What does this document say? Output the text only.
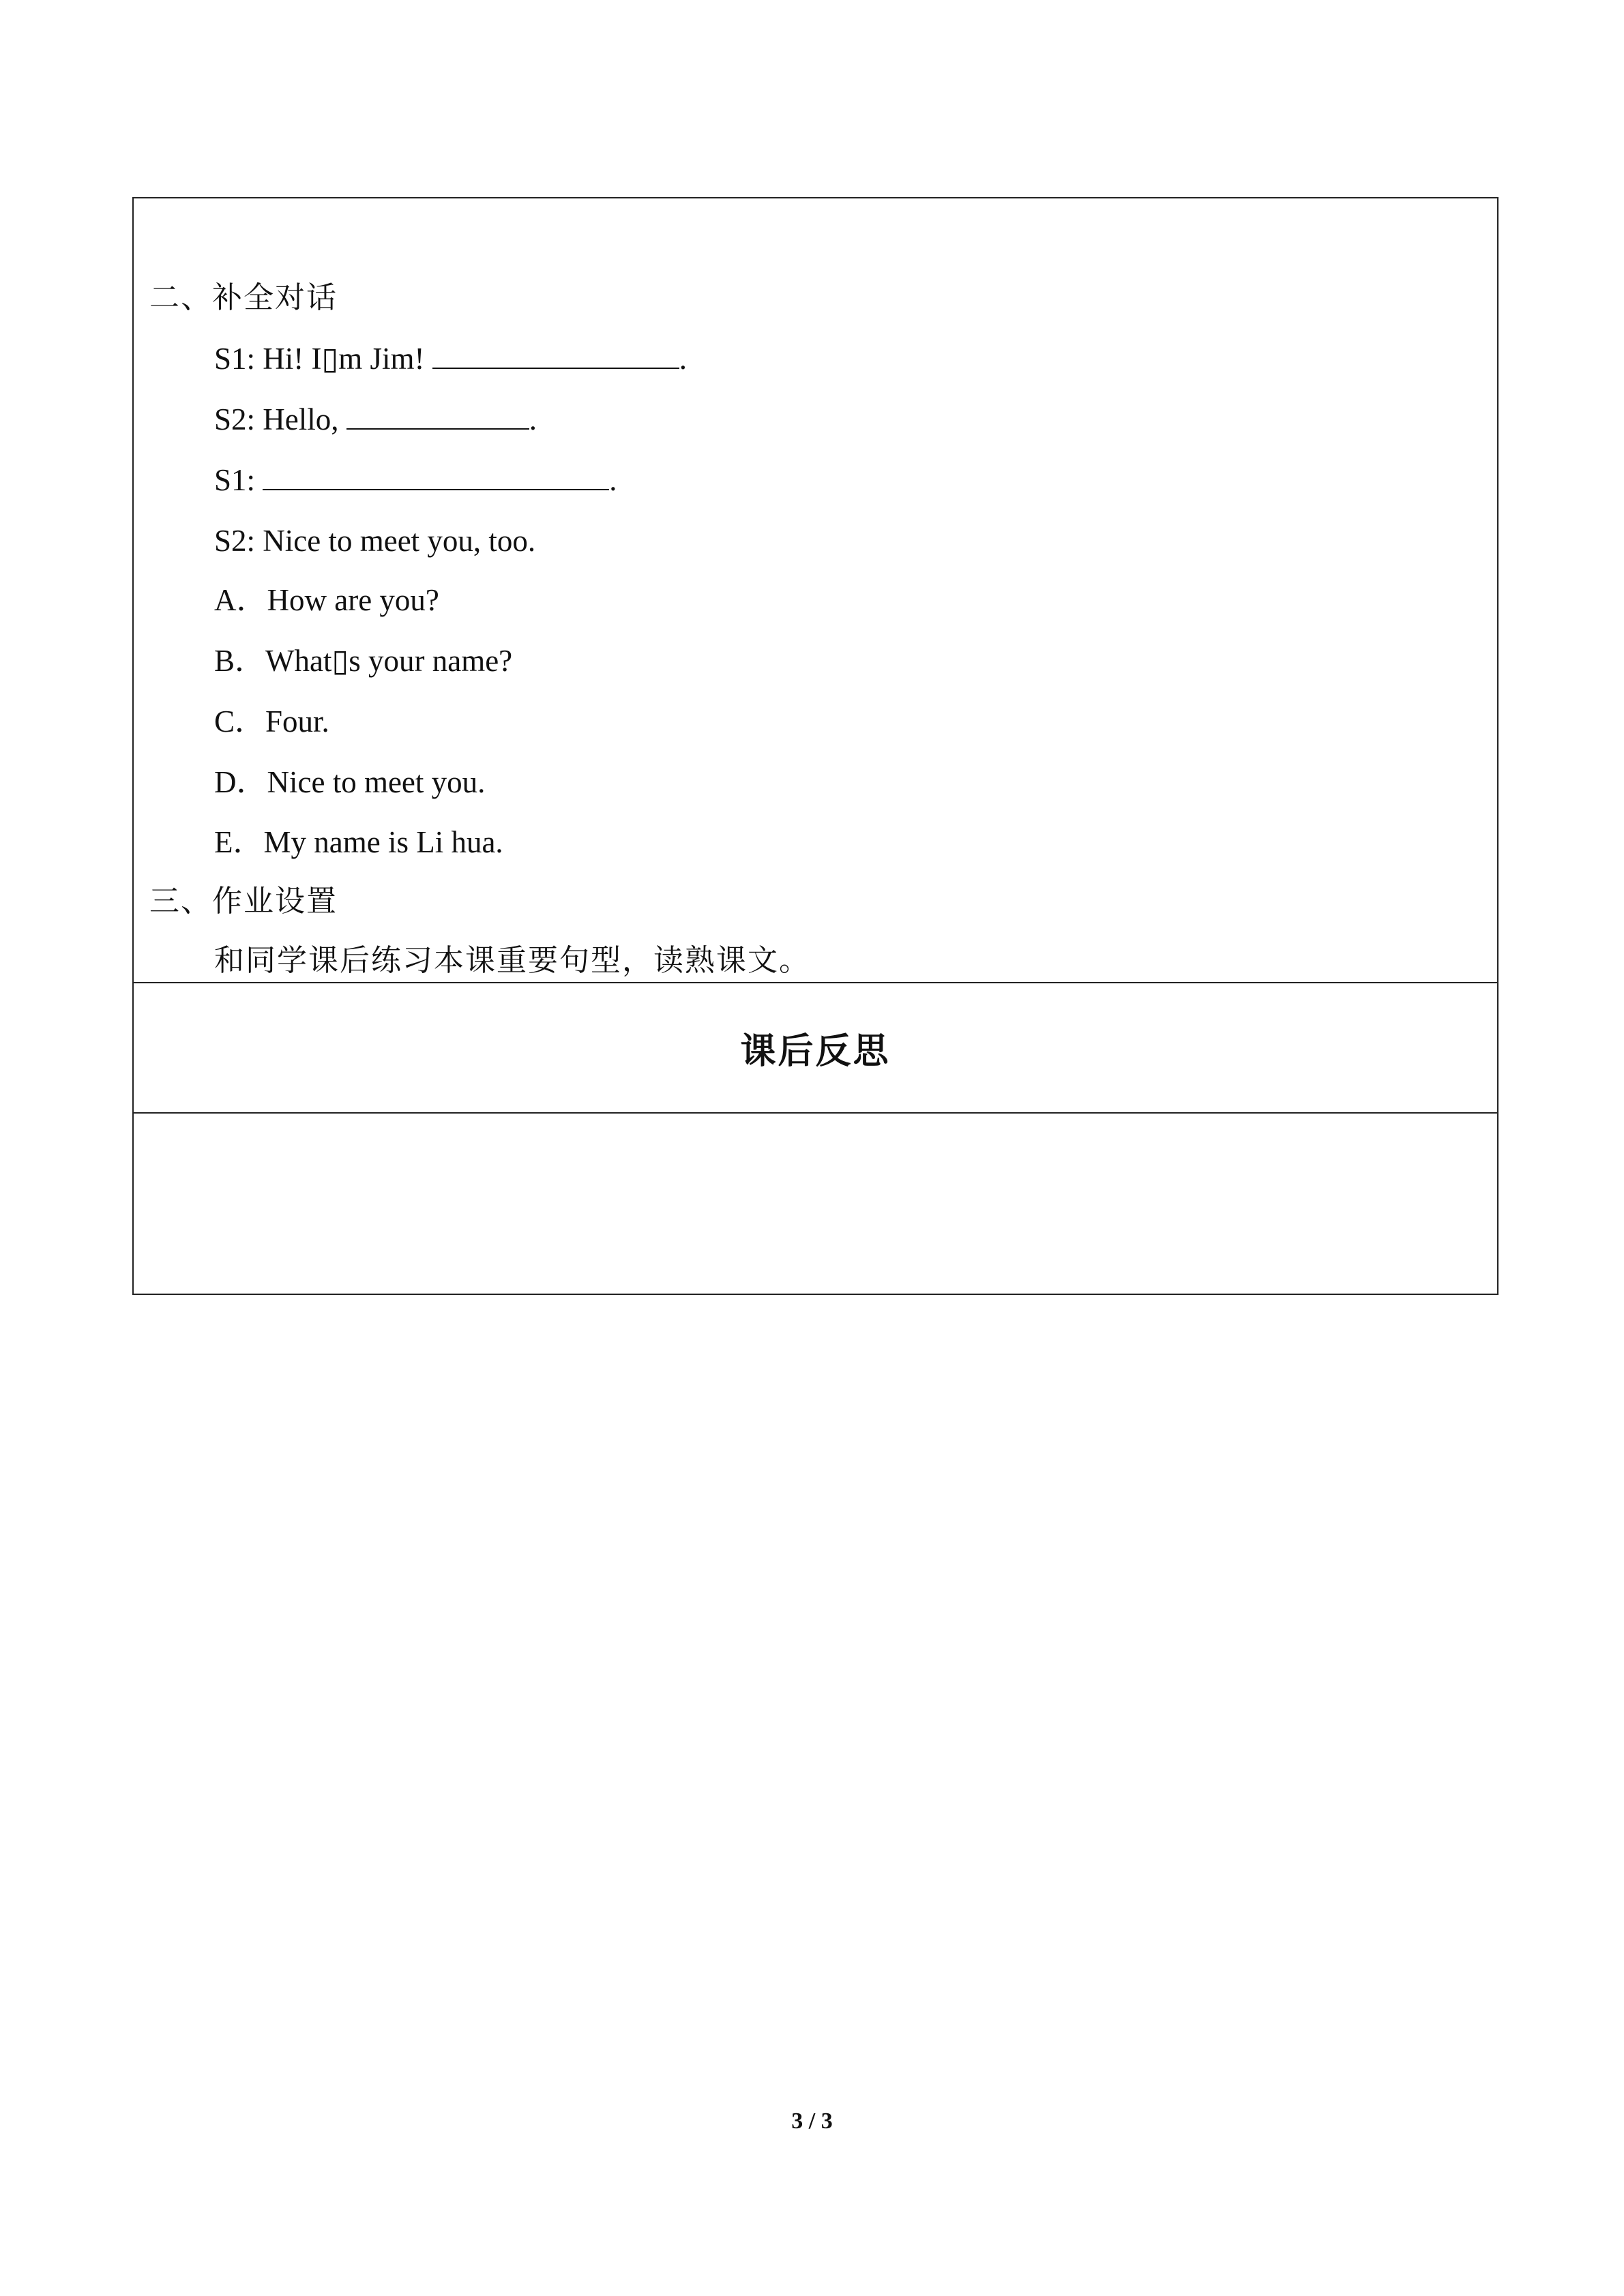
二、补全对话
S1: Hi! I▯m Jim!	.
S2: Hello,	.
S1:	.
S2: Nice to meet you, too.
A．How are you?
B．What▯s your name?
C．Four.
D．Nice to meet you.
E．My name is Li hua.
三、作业设置
和同学课后练习本课重要句型，读熟课文。
课后反思
3 / 3
